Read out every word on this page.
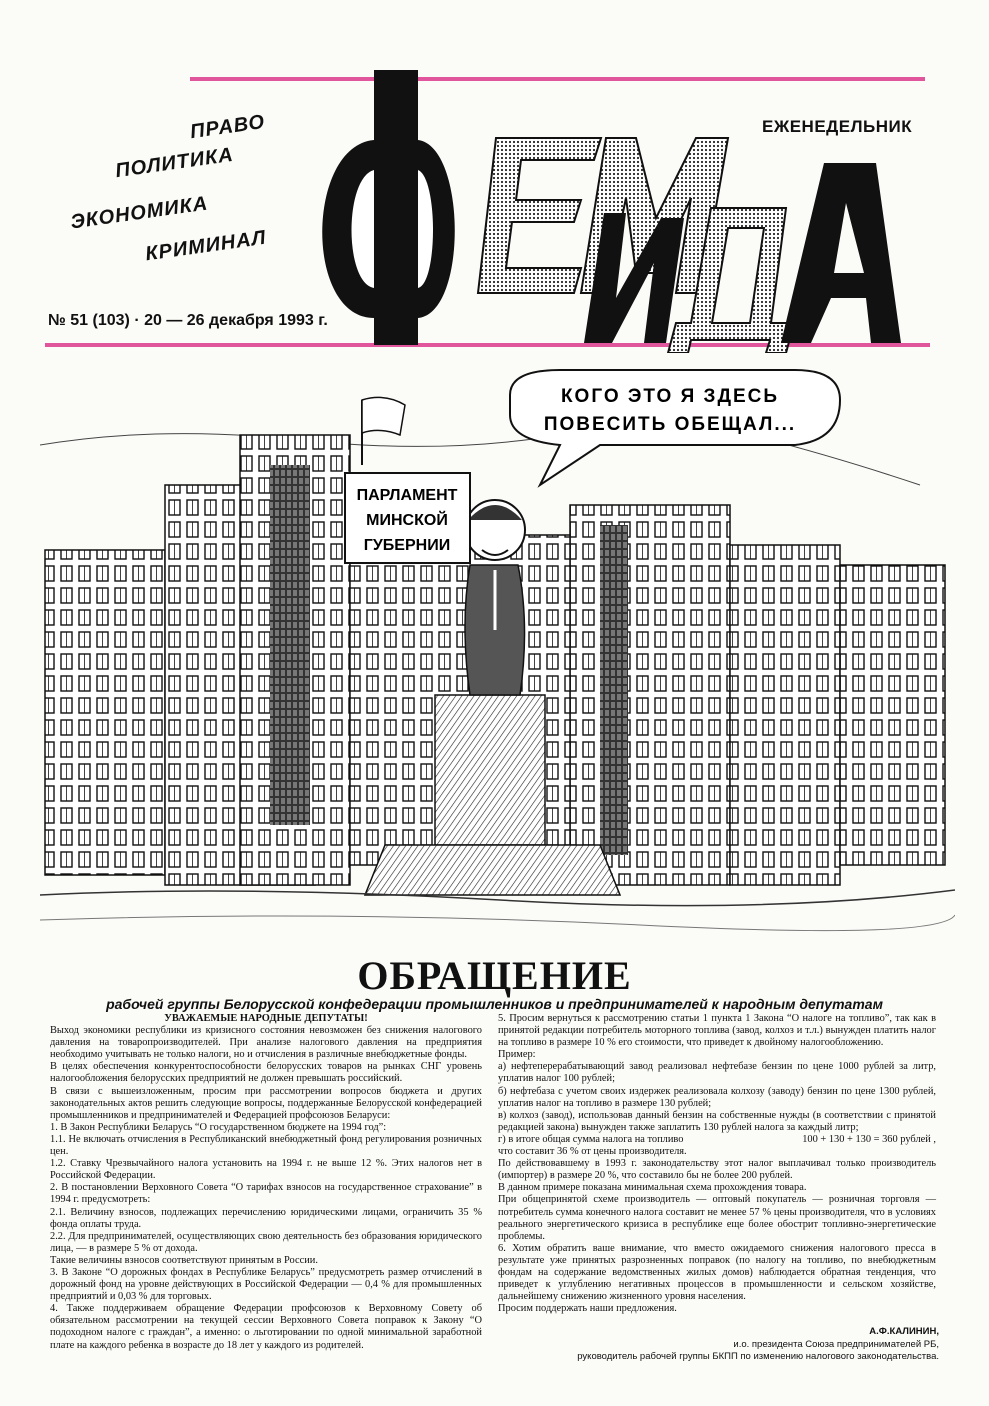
ПРАВО
ПОЛИТИКА
ЭКОНОМИКА
КРИМИНАЛ
ЕЖЕНЕДЕЛЬНИК
№ 51 (103) · 20 — 26 декабря 1993 г.
ПАРЛАМЕНТ
МИНСКОЙ
ГУБЕРНИИ
КОГО ЭТО Я ЗДЕСЬ
ПОВЕСИТЬ ОБЕЩАЛ...
ОБРАЩЕНИЕ
рабочей группы Белорусской конфедерации промышленников и предпринимателей к народным депутатам

УВАЖАЕМЫЕ НАРОДНЫЕ ДЕПУТАТЫ!

Выход экономики республики из кризисного состояния невозможен без снижения налогового давления на товаропроизводителей. При анализе налогового давления на предприятия необходимо учитывать не только налоги, но и отчисления в различные внебюджетные фонды.

В целях обеспечения конкурентоспособности белорусских товаров на рынках СНГ уровень налогообложения белорусских предприятий не должен превышать российский.

В связи с вышеизложенным, просим при рассмотрении вопросов бюджета и других законодательных актов решить следующие вопросы, поддержанные Белорусской конфедерацией промышленников и предпринимателей и Федерацией профсоюзов Беларуси:

1. В Закон Республики Беларусь “О государственном бюджете на 1994 год”:

1.1. Не включать отчисления в Республиканский внебюджетный фонд регулирования розничных цен.

1.2. Ставку Чрезвычайного налога установить на 1994 г. не выше 12 %. Этих налогов нет в Российской Федерации.

2. В постановлении Верховного Совета “О тарифах взносов на государственное страхование” в 1994 г. предусмотреть:

2.1. Величину взносов, подлежащих перечислению юридическими лицами, ограничить 35 % фонда оплаты труда.

2.2. Для предпринимателей, осуществляющих свою деятельность без образования юридического лица, — в размере 5 % от дохода.

Такие величины взносов соответствуют принятым в России.

3. В Законе “О дорожных фондах в Республике Беларусь” предусмотреть размер отчислений в дорожный фонд на уровне действующих в Российской Федерации — 0,4 % для промышленных предприятий и 0,03 % для торговых.

4. Также поддерживаем обращение Федерации профсоюзов к Верховному Совету об обязательном рассмотрении на текущей сессии Верховного Совета поправок к Закону “О подоходном налоге с граждан”, а именно: о льготировании по одной минимальной заработной плате на каждого ребенка в возрасте до 18 лет у каждого из родителей.

5. Просим вернуться к рассмотрению статьи 1 пункта 1 Закона “О налоге на топливо”, так как в принятой редакции потребитель моторного топлива (завод, колхоз и т.л.) вынужден платить налог на топливо в размере 10 % его стоимости, что приведет к двойному налогообложению.

Пример:

а) нефтеперерабатывающий завод реализовал нефтебазе бензин по цене 1000 рублей за литр, уплатив налог 100 рублей;

б) нефтебаза с учетом своих издержек реализовала колхозу (заводу) бензин по цене 1300 рублей, уплатив налог на топливо в размере 130 рублей;

в) колхоз (завод), использовав данный бензин на собственные нужды (в соответствии с принятой редакцией закона) вынужден также заплатить 130 рублей налога за каждый литр;

г) в итоге общая сумма налога на топливо	100 + 130 + 130 = 360 рублей ,

что составит 36 % от цены производителя.

По действовавшему в 1993 г. законодательству этот налог выплачивал только производитель (импортер) в размере 20 %, что составило бы не более 200 рублей.

В данном примере показана минимальная схема прохождения товара.

При общепринятой схеме производитель — оптовый покупатель — розничная торговля — потребитель сумма конечного налога составит не менее 57 % цены производителя, что в условиях реального энергетического кризиса в республике еще более обострит топливно-энергетические проблемы.

6. Хотим обратить ваше внимание, что вместо ожидаемого снижения налогового пресса в результате уже принятых разрозненных поправок (по налогу на топливо, по внебюджетным фондам на содержание ведомственных жилых домов) наблюдается обратная тенденция, что приведет к углублению негативных процессов в промышленности и сельском хозяйстве, дальнейшему снижению жизненного уровня населения.

Просим поддержать наши предложения.

А.Ф.КАЛИНИН,
и.о. президента Союза предпринимателей РБ,
руководитель рабочей группы БКПП по изменению налогового законодательства.
